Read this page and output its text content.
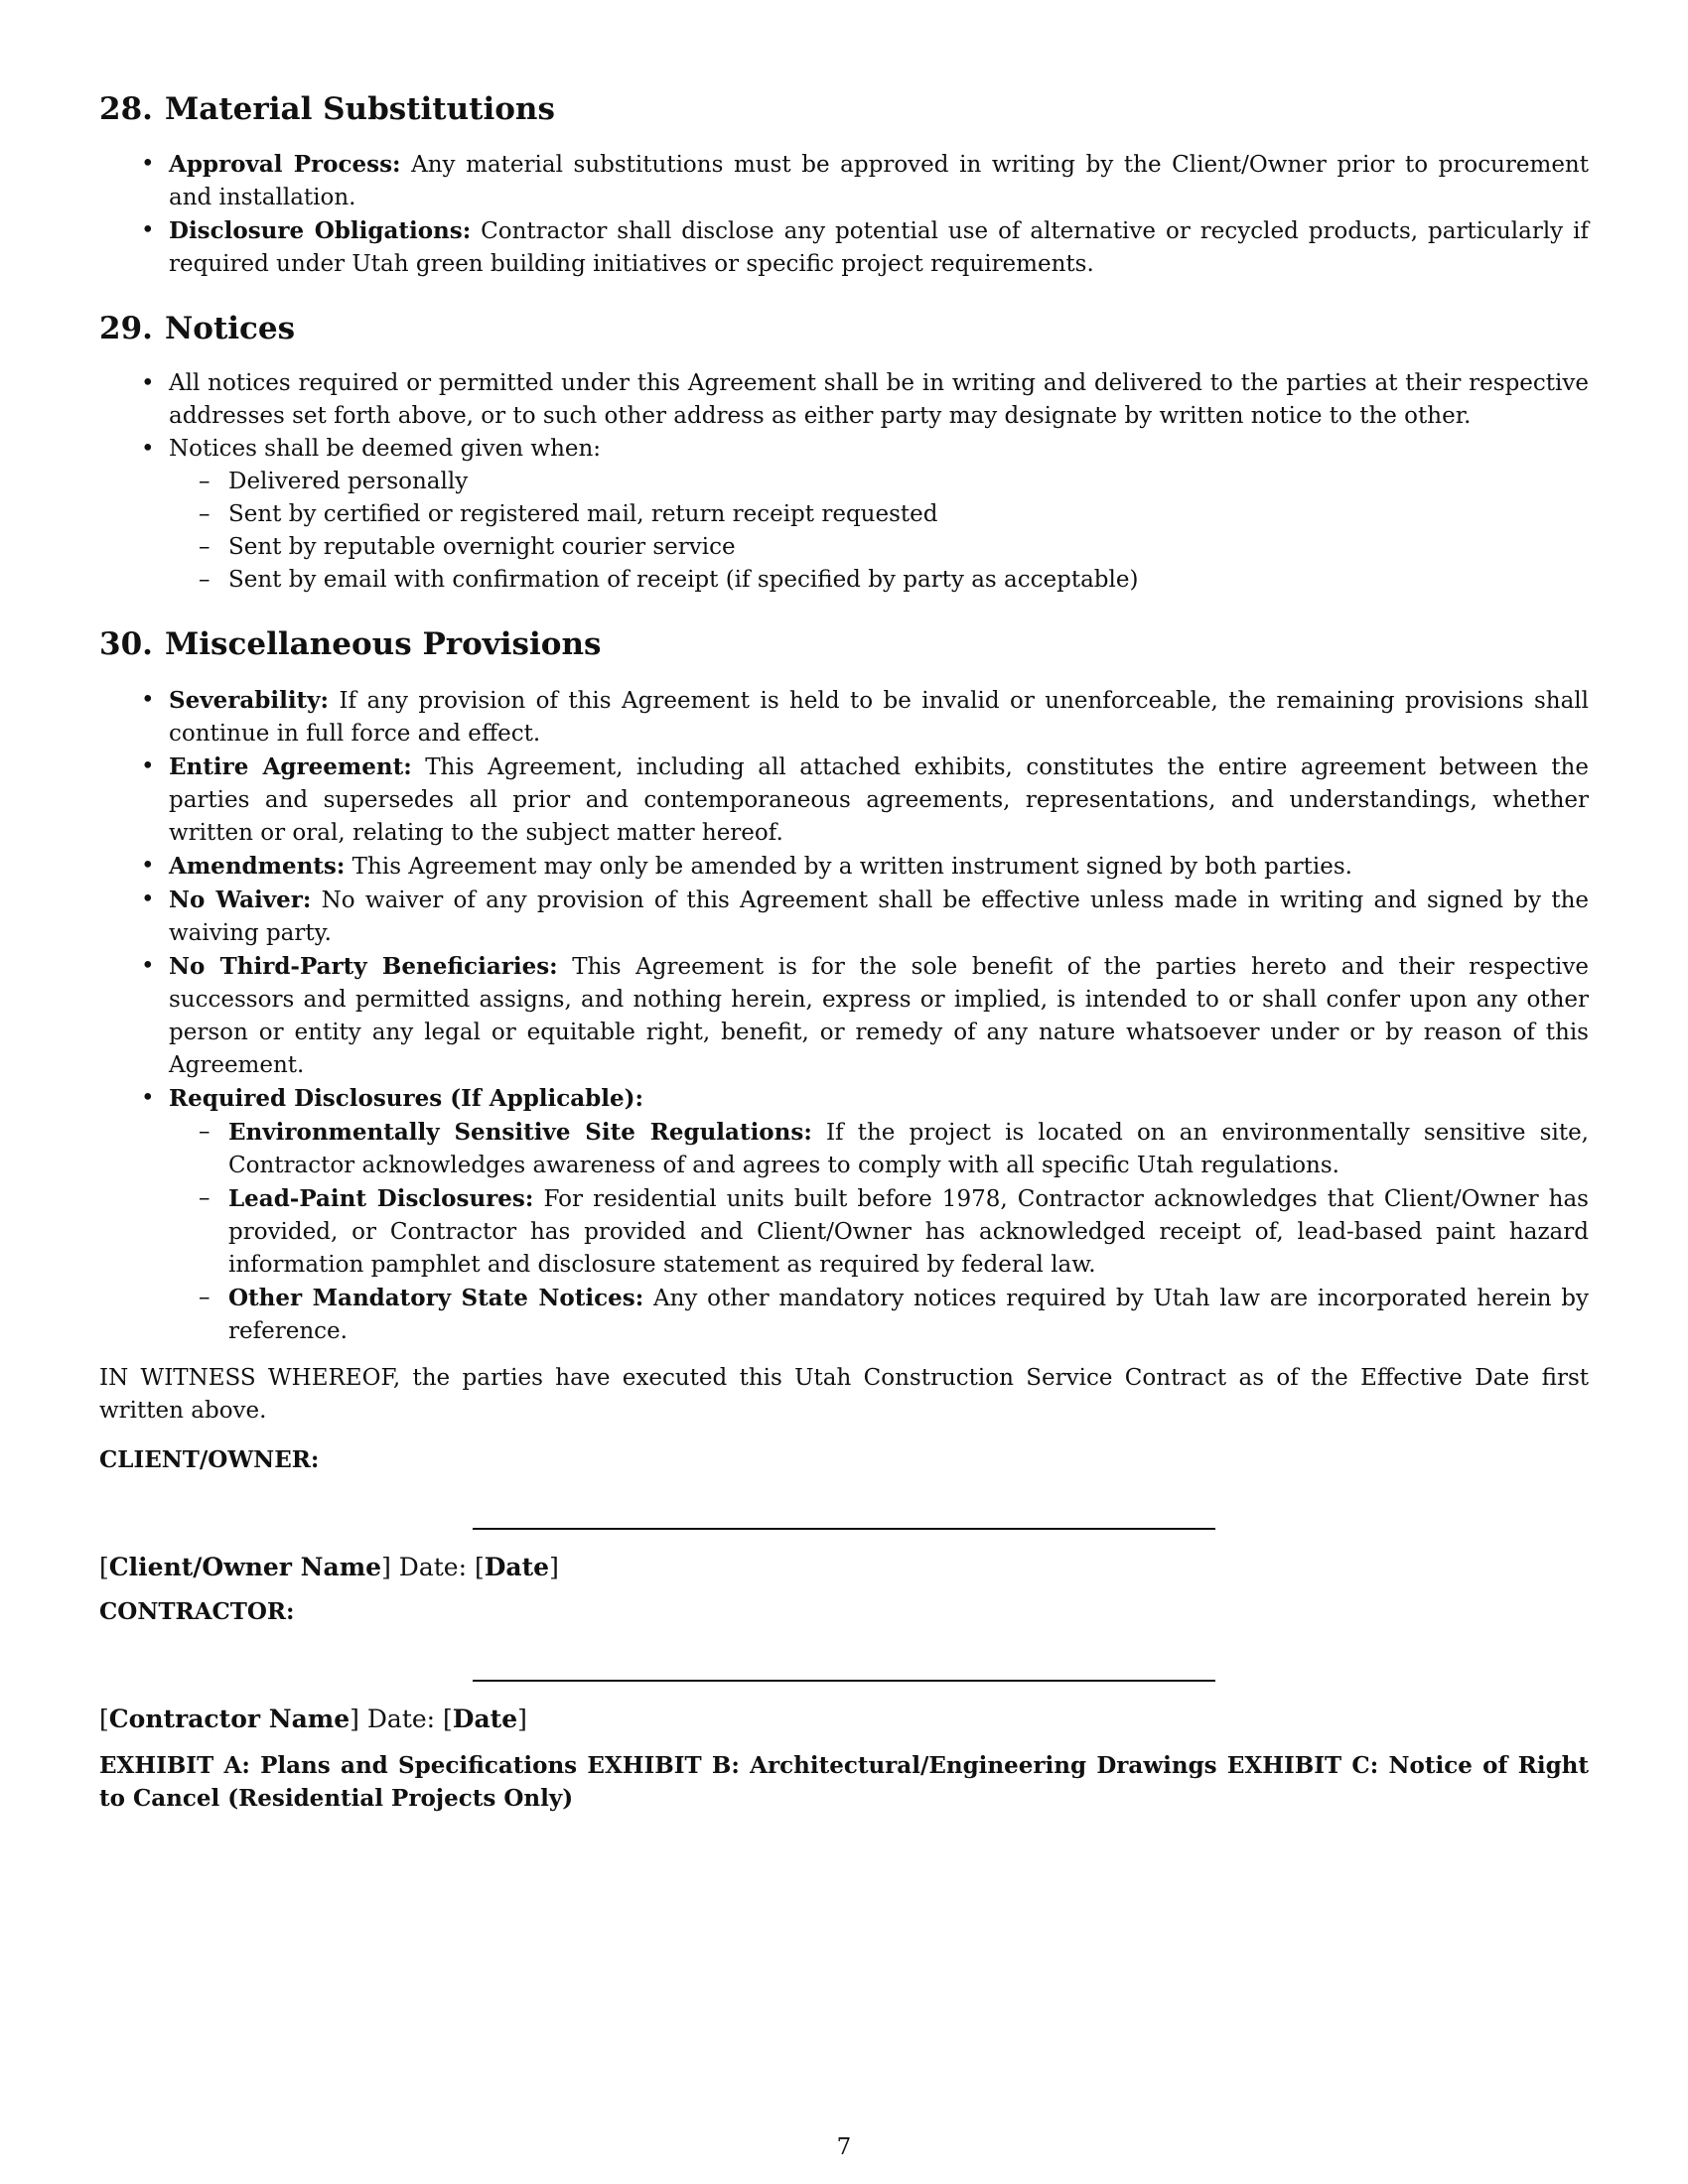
28. Material Substitutions
• Approval Process: Any material substitutions must be approved in writing by the Client/Owner prior to procurement and installation.
• Disclosure Obligations: Contractor shall disclose any potential use of alternative or recycled products, particularly if required under Utah green building initiatives or specific project requirements.
29. Notices
• All notices required or permitted under this Agreement shall be in writing and delivered to the parties at their respective addresses set forth above, or to such other address as either party may designate by written notice to the other.
• Notices shall be deemed given when:
– Delivered personally
– Sent by certified or registered mail, return receipt requested
– Sent by reputable overnight courier service
– Sent by email with confirmation of receipt (if specified by party as acceptable)
30. Miscellaneous Provisions
• Severability: If any provision of this Agreement is held to be invalid or unenforceable, the remaining provisions shall continue in full force and effect.
• Entire Agreement: This Agreement, including all attached exhibits, constitutes the entire agreement between the parties and supersedes all prior and contemporaneous agreements, representations, and understandings, whether written or oral, relating to the subject matter hereof.
• Amendments: This Agreement may only be amended by a written instrument signed by both parties.
• No Waiver: No waiver of any provision of this Agreement shall be effective unless made in writing and signed by the waiving party.
• No Third-Party Beneficiaries: This Agreement is for the sole benefit of the parties hereto and their respective successors and permitted assigns, and nothing herein, express or implied, is intended to or shall confer upon any other person or entity any legal or equitable right, benefit, or remedy of any nature whatsoever under or by reason of this Agreement.
• Required Disclosures (If Applicable):
– Environmentally Sensitive Site Regulations: If the project is located on an environmentally sensitive site, Contractor acknowledges awareness of and agrees to comply with all specific Utah regulations.
– Lead-Paint Disclosures: For residential units built before 1978, Contractor acknowledges that Client/Owner has provided, or Contractor has provided and Client/Owner has acknowledged receipt of, lead-based paint hazard information pamphlet and disclosure statement as required by federal law.
– Other Mandatory State Notices: Any other mandatory notices required by Utah law are incorporated herein by reference.

IN WITNESS WHEREOF, the parties have executed this Utah Construction Service Contract as of the Effective Date first written above.

CLIENT/OWNER:

[Client/Owner Name] Date: [Date]

CONTRACTOR:

[Contractor Name] Date: [Date]

EXHIBIT A: Plans and Specifications EXHIBIT B: Architectural/Engineering Drawings EXHIBIT C: Notice of Right to Cancel (Residential Projects Only)

7
